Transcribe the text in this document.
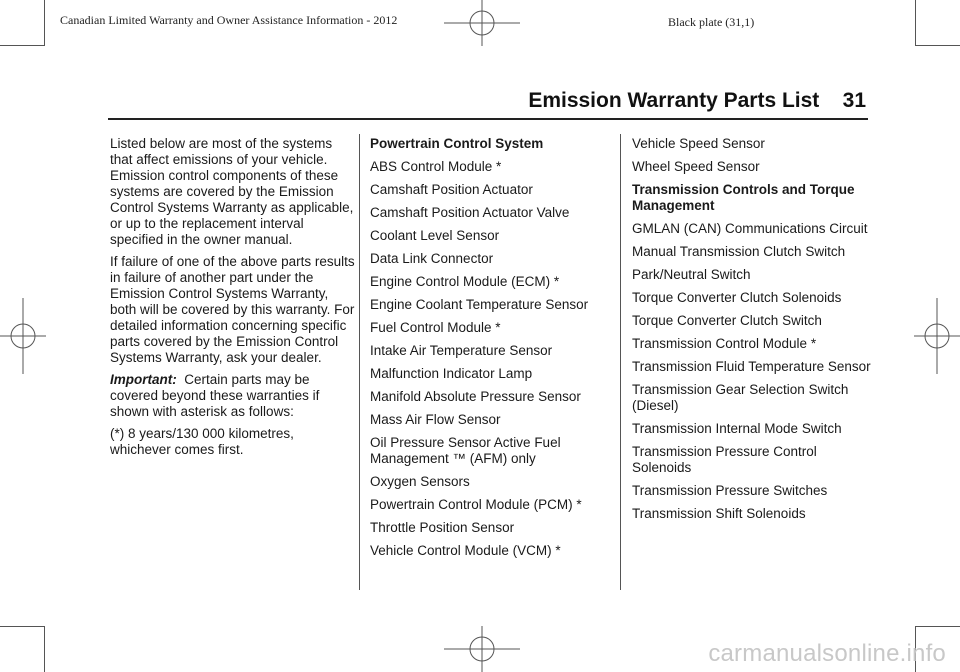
Canadian Limited Warranty and Owner Assistance Information - 2012	Black plate (31,1)
Emission Warranty Parts List 31

Listed below are most of the systems that affect emissions of your vehicle. Emission control components of these systems are covered by the Emission Control Systems Warranty as applicable, or up to the replacement interval specified in the owner manual.

If failure of one of the above parts results in failure of another part under the Emission Control Systems Warranty, both will be covered by this warranty. For detailed information concerning specific parts covered by the Emission Control Systems Warranty, ask your dealer.

Important: Certain parts may be covered beyond these warranties if shown with asterisk as follows:

(*) 8 years/130 000 kilometres, whichever comes first.

Powertrain Control System
ABS Control Module *
Camshaft Position Actuator
Camshaft Position Actuator Valve
Coolant Level Sensor
Data Link Connector
Engine Control Module (ECM) *
Engine Coolant Temperature Sensor
Fuel Control Module *
Intake Air Temperature Sensor
Malfunction Indicator Lamp
Manifold Absolute Pressure Sensor
Mass Air Flow Sensor
Oil Pressure Sensor Active Fuel Management ™ (AFM) only
Oxygen Sensors
Powertrain Control Module (PCM) *
Throttle Position Sensor
Vehicle Control Module (VCM) *
Vehicle Speed Sensor
Wheel Speed Sensor
Transmission Controls and Torque Management
GMLAN (CAN) Communications Circuit
Manual Transmission Clutch Switch
Park/Neutral Switch
Torque Converter Clutch Solenoids
Torque Converter Clutch Switch
Transmission Control Module *
Transmission Fluid Temperature Sensor
Transmission Gear Selection Switch (Diesel)
Transmission Internal Mode Switch
Transmission Pressure Control Solenoids
Transmission Pressure Switches
Transmission Shift Solenoids
carmanualsonline.info
